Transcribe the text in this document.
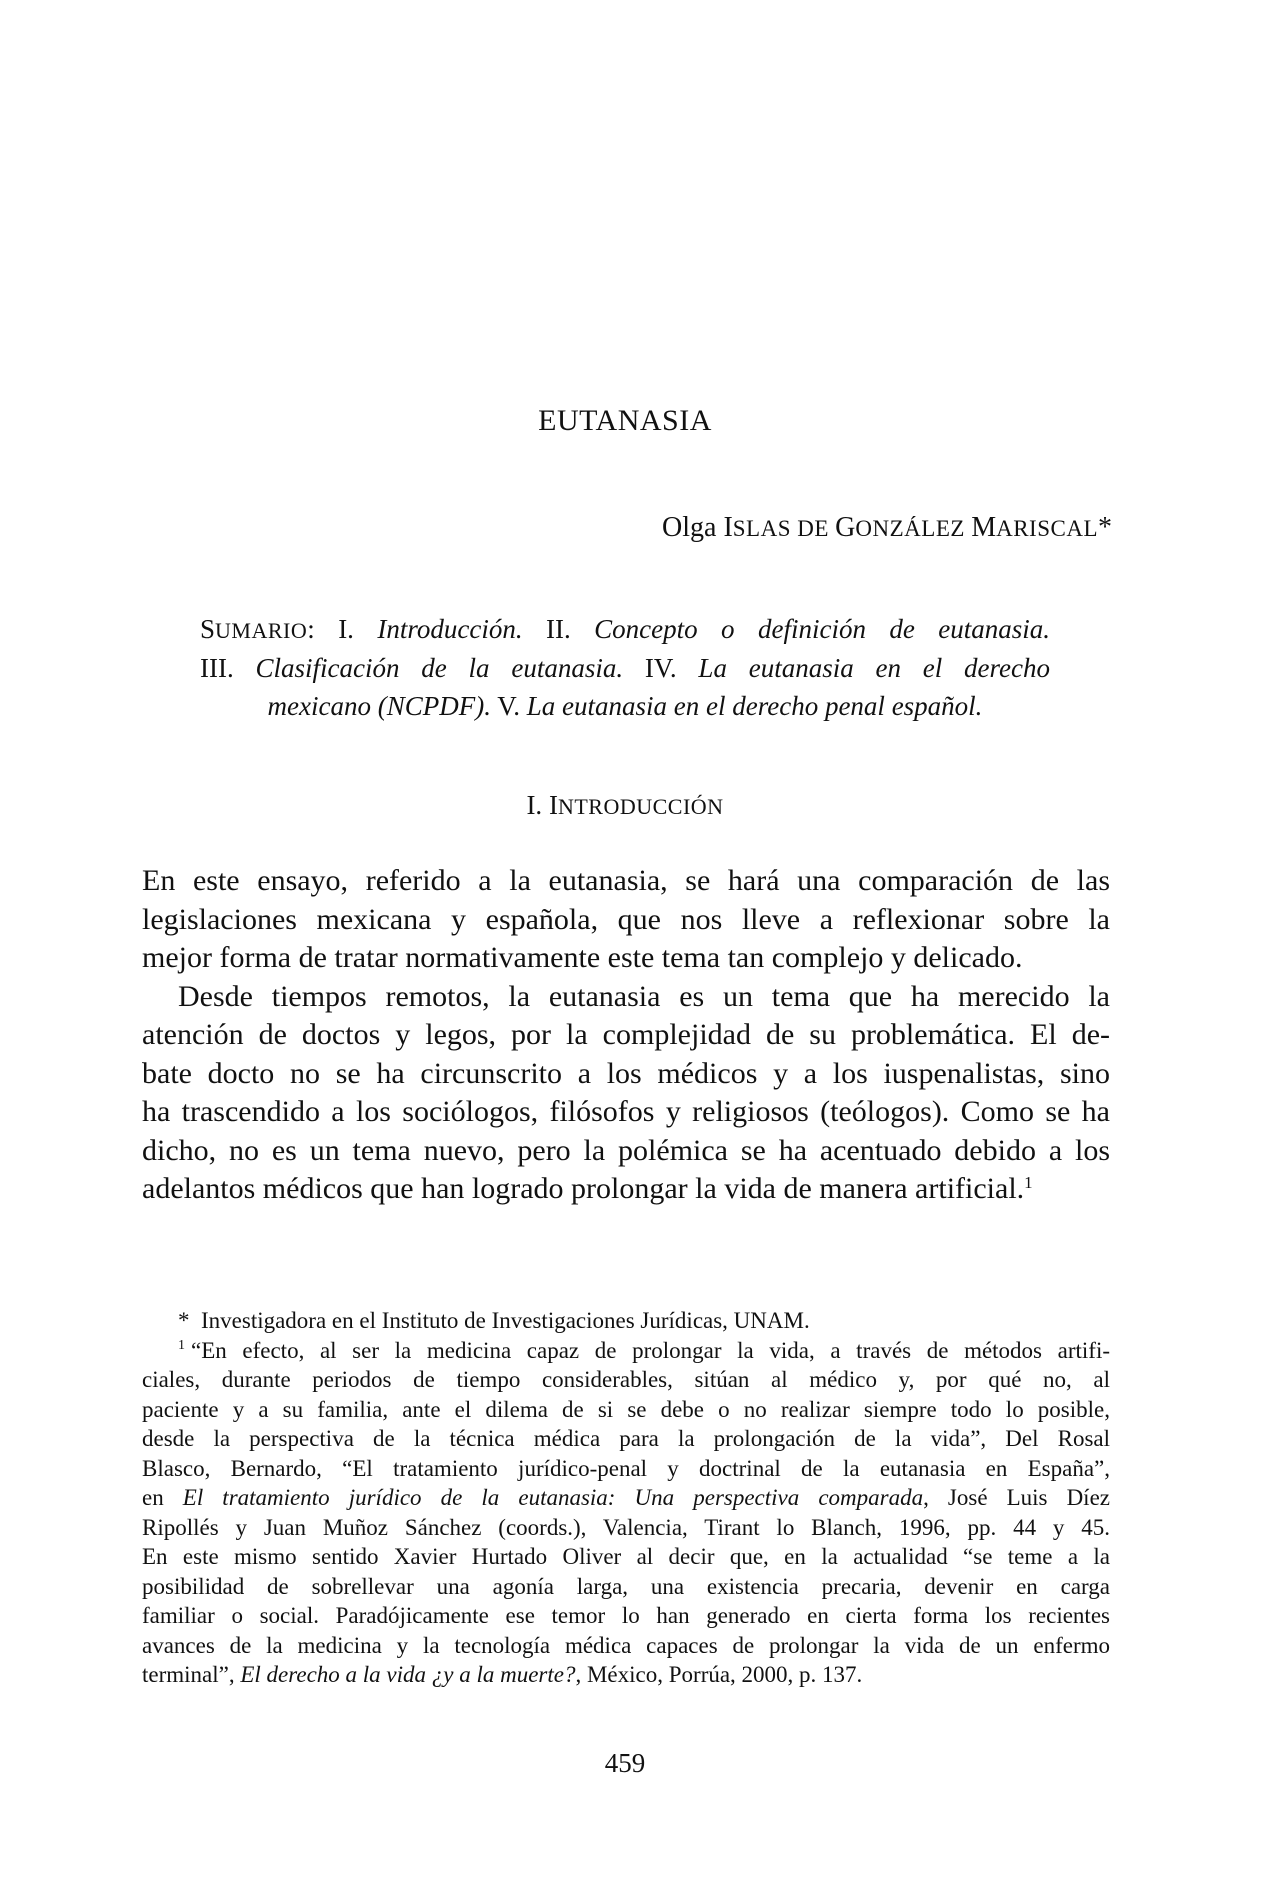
EUTANASIA
Olga ISLAS DE GONZÁLEZ MARISCAL*

SUMARIO: I. Introducción. II. Concepto o definición de eutanasia.

III. Clasificación de la eutanasia. IV. La eutanasia en el derecho

mexicano (NCPDF). V. La eutanasia en el derecho penal español.

I. INTRODUCCIÓN
En este ensayo, referido a la eutanasia, se hará una comparación de las
legislaciones mexicana y española, que nos lleve a reflexionar sobre la
mejor forma de tratar normativamente este tema tan complejo y delicado.
Desde tiempos remotos, la eutanasia es un tema que ha merecido la
atención de doctos y legos, por la complejidad de su problemática. El de-
bate docto no se ha circunscrito a los médicos y a los iuspenalistas, sino
ha trascendido a los sociólogos, filósofos y religiosos (teólogos). Como se ha
dicho, no es un tema nuevo, pero la polémica se ha acentuado debido a los
adelantos médicos que han logrado prolongar la vida de manera artificial.$^1$
* Investigadora en el Instituto de Investigaciones Jurídicas, UNAM.
$^1$ “En efecto, al ser la medicina capaz de prolongar la vida, a través de métodos artifi-
ciales, durante periodos de tiempo considerables, sitúan al médico y, por qué no, al
paciente y a su familia, ante el dilema de si se debe o no realizar siempre todo lo posible,
desde la perspectiva de la técnica médica para la prolongación de la vida”, Del Rosal
Blasco, Bernardo, “El tratamiento jurídico-penal y doctrinal de la eutanasia en España”,
en El tratamiento jurídico de la eutanasia: Una perspectiva comparada, José Luis Díez
Ripollés y Juan Muñoz Sánchez (coords.), Valencia, Tirant lo Blanch, 1996, pp. 44 y 45.
En este mismo sentido Xavier Hurtado Oliver al decir que, en la actualidad “se teme a la
posibilidad de sobrellevar una agonía larga, una existencia precaria, devenir en carga
familiar o social. Paradójicamente ese temor lo han generado en cierta forma los recientes
avances de la medicina y la tecnología médica capaces de prolongar la vida de un enfermo
terminal”, El derecho a la vida ¿y a la muerte?, México, Porrúa, 2000, p. 137.
459
